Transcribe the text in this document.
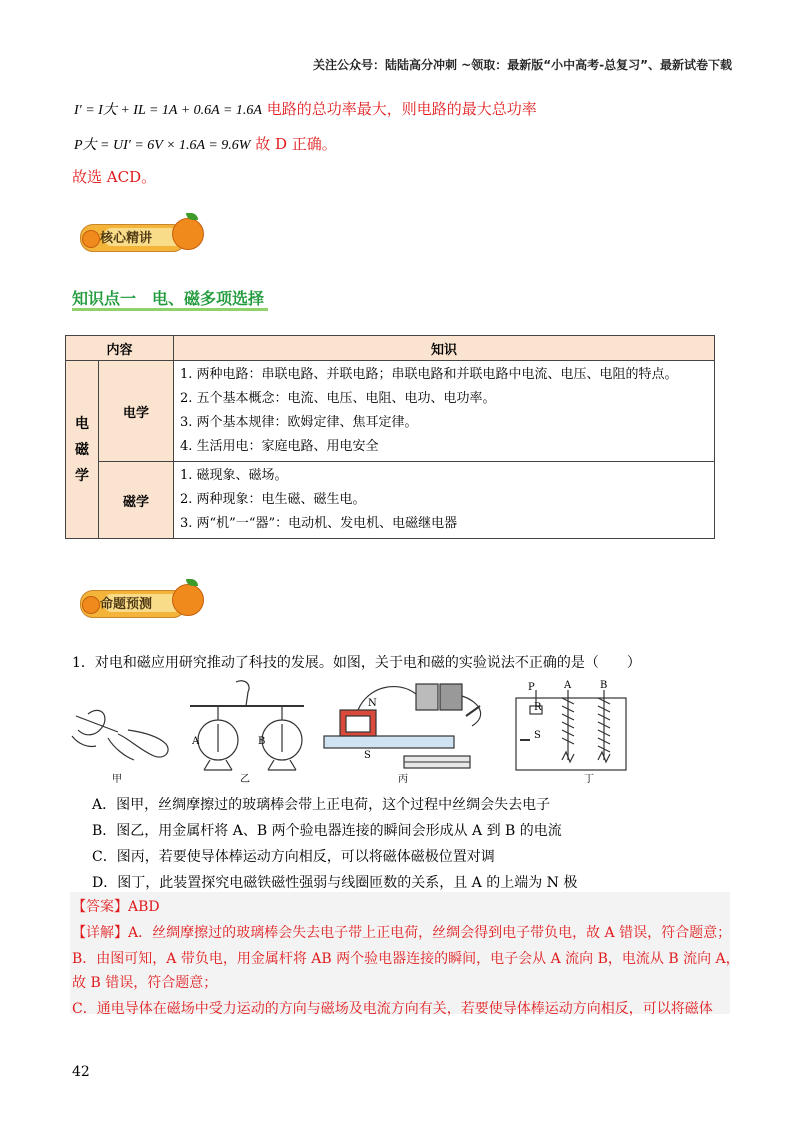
关注公众号：陆陆高分冲刺 ~领取：最新版“小中高考-总复习”、最新试卷下载
I′ = I大 + IL = 1A + 0.6A = 1.6A 电路的总功率最大，则电路的最大总功率
P大 = UI′ = 6V × 1.6A = 9.6W 故 D 正确。
故选 ACD。
核心精讲
知识点一　电、磁多项选择
内容		知识

电磁学	电学	1. 两种电路：串联电路、并联电路；串联电路和并联电路中电流、电压、电阻的特点。
2. 五个基本概念：电流、电压、电阻、电功、电功率。
3. 两个基本规律：欧姆定律、焦耳定律。
4. 生活用电：家庭电路、用电安全

	磁学	1. 磁现象、磁场。
2. 两种现象：电生磁、磁生电。
3. 两“机”一“器”：电动机、发电机、电磁继电器
命题预测
1．对电和磁应用研究推动了科技的发展。如图，关于电和磁的实验说法不正确的是（　　）
甲
A	B
乙
N
S
丙
P
R
A	B
S
丁
A．图甲，丝绸摩擦过的玻璃棒会带上正电荷，这个过程中丝绸会失去电子
B．图乙，用金属杆将 A、B 两个验电器连接的瞬间会形成从 A 到 B 的电流
C．图丙，若要使导体棒运动方向相反，可以将磁体磁极位置对调
D．图丁，此装置探究电磁铁磁性强弱与线圈匝数的关系，且 A 的上端为 N 极
【答案】ABD
【详解】A．丝绸摩擦过的玻璃棒会失去电子带上正电荷，丝绸会得到电子带负电，故 A 错误，符合题意；
B．由图可知，A 带负电，用金属杆将 AB 两个验电器连接的瞬间，电子会从 A 流向 B，电流从 B 流向 A，
故 B 错误，符合题意；
C．通电导体在磁场中受力运动的方向与磁场及电流方向有关，若要使导体棒运动方向相反，可以将磁体
42
